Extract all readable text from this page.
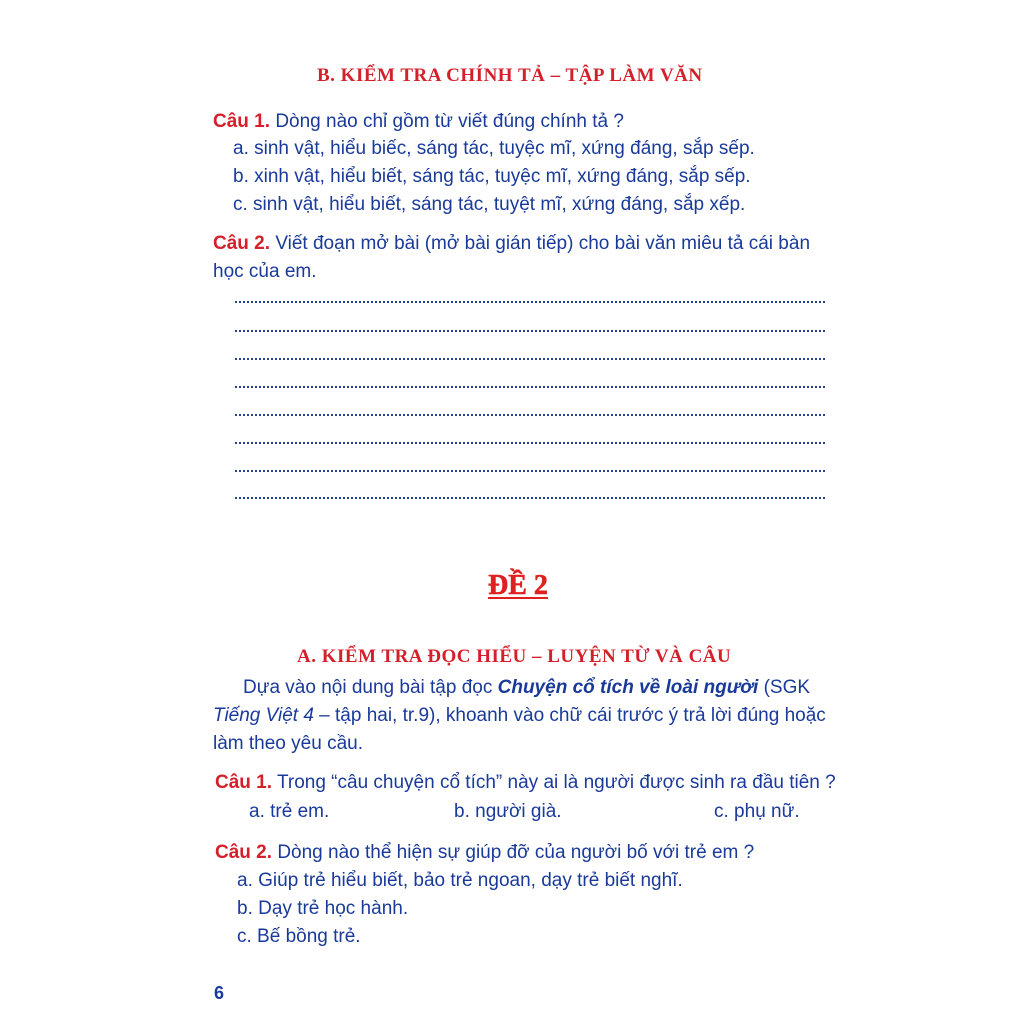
B. KIỂM TRA CHÍNH TẢ – TẬP LÀM VĂN
Câu 1. Dòng nào chỉ gồm từ viết đúng chính tả ?
a. sinh vật, hiểu biếc, sáng tác, tuyệc mĩ, xứng đáng, sắp sếp.
b. xinh vật, hiểu biết, sáng tác, tuyệc mĩ, xứng đáng, sắp sếp.
c. sinh vật, hiểu biết, sáng tác, tuyệt mĩ, xứng đáng, sắp xếp.
Câu 2. Viết đoạn mở bài (mở bài gián tiếp) cho bài văn miêu tả cái bàn
học của em.
ĐỀ 2
A. KIỂM TRA ĐỌC HIỂU – LUYỆN TỪ VÀ CÂU
Dựa vào nội dung bài tập đọc Chuyện cổ tích về loài người (SGK
Tiếng Việt 4 – tập hai, tr.9), khoanh vào chữ cái trước ý trả lời đúng hoặc
làm theo yêu cầu.
Câu 1. Trong “câu chuyện cổ tích” này ai là người được sinh ra đầu tiên ?
a. trẻ em.	b. người già.	c. phụ nữ.
Câu 2. Dòng nào thể hiện sự giúp đỡ của người bố với trẻ em ?
a. Giúp trẻ hiểu biết, bảo trẻ ngoan, dạy trẻ biết nghĩ.
b. Dạy trẻ học hành.
c. Bế bồng trẻ.
6
